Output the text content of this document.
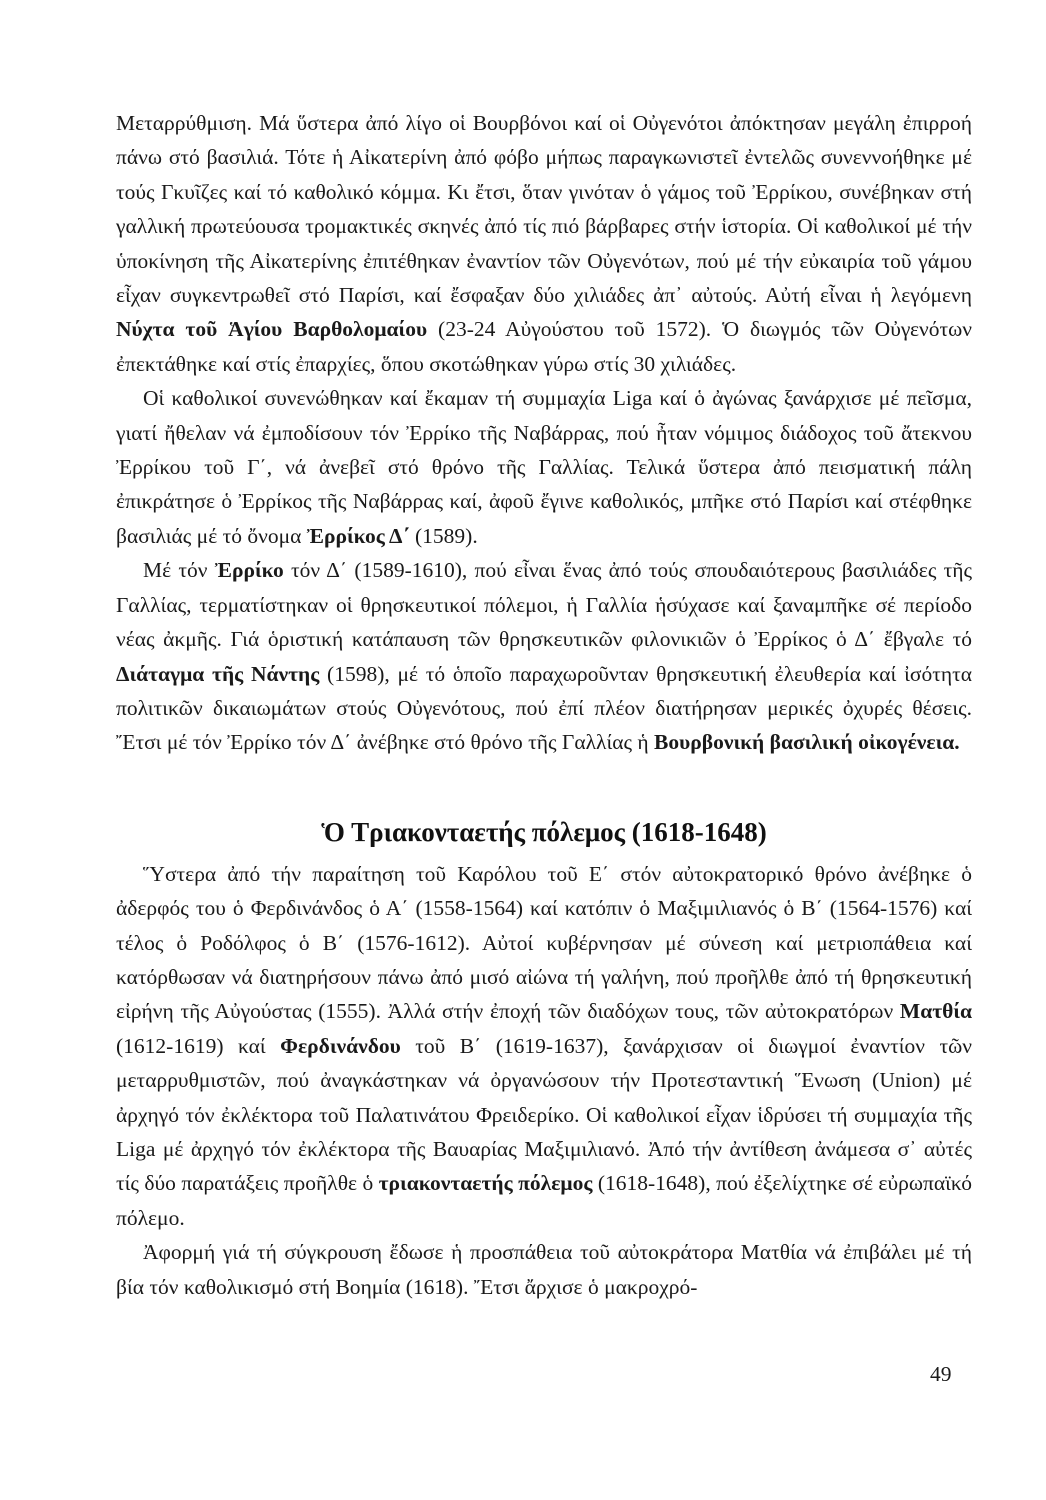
Μεταρρύθμιση. Μά ὕστερα ἀπό λίγο οἱ Βουρβόνοι καί οἱ Οὐγενότοι ἀπόκτησαν μεγάλη ἐπιρροή πάνω στό βασιλιά. Τότε ἡ Αἰκατερίνη ἀπό φόβο μήπως παραγκωνιστεῖ ἐντελῶς συνεννοήθηκε μέ τούς Γκυῖζες καί τό καθολικό κόμμα. Κι ἔτσι, ὅταν γινόταν ὁ γάμος τοῦ Ἐρρίκου, συνέβηκαν στή γαλλική πρωτεύουσα τρομακτικές σκηνές ἀπό τίς πιό βάρβαρες στήν ἱστορία. Οἱ καθολικοί μέ τήν ὑποκίνηση τῆς Αἰκατερίνης ἐπιτέθηκαν ἐναντίον τῶν Οὐγενότων, πού μέ τήν εὐκαιρία τοῦ γάμου εἶχαν συγκεντρωθεῖ στό Παρίσι, καί ἔσφαξαν δύο χιλιάδες ἀπ᾿ αὐτούς. Αὐτή εἶναι ἡ λεγόμενη Νύχτα τοῦ Ἁγίου Βαρθολομαίου (23-24 Αὐγούστου τοῦ 1572). Ὁ διωγμός τῶν Οὐγενότων ἐπεκτάθηκε καί στίς ἐπαρχίες, ὅπου σκοτώθηκαν γύρω στίς 30 χιλιάδες.

Οἱ καθολικοί συνενώθηκαν καί ἔκαμαν τή συμμαχία Liga καί ὁ ἀγώνας ξανάρχισε μέ πεῖσμα, γιατί ἤθελαν νά ἐμποδίσουν τόν Ἐρρίκο τῆς Ναβάρρας, πού ἦταν νόμιμος διάδοχος τοῦ ἄτεκνου Ἐρρίκου τοῦ Γ΄, νά ἀνεβεῖ στό θρόνο τῆς Γαλλίας. Τελικά ὕστερα ἀπό πεισματική πάλη ἐπικράτησε ὁ Ἐρρίκος τῆς Ναβάρρας καί, ἀφοῦ ἔγινε καθολικός, μπῆκε στό Παρίσι καί στέφθηκε βασιλιάς μέ τό ὄνομα Ἐρρίκος Δ΄ (1589).

Μέ τόν Ἐρρίκο τόν Δ΄ (1589-1610), πού εἶναι ἕνας ἀπό τούς σπουδαιότερους βασιλιάδες τῆς Γαλλίας, τερματίστηκαν οἱ θρησκευτικοί πόλεμοι, ἡ Γαλλία ἡσύχασε καί ξαναμπῆκε σέ περίοδο νέας ἀκμῆς. Γιά ὁριστική κατάπαυση τῶν θρησκευτικῶν φιλονικιῶν ὁ Ἐρρίκος ὁ Δ΄ ἔβγαλε τό Διάταγμα τῆς Νάντης (1598), μέ τό ὁποῖο παραχωροῦνταν θρησκευτική ἐλευθερία καί ἰσότητα πολιτικῶν δικαιωμάτων στούς Οὐγενότους, πού ἐπί πλέον διατήρησαν μερικές ὀχυρές θέσεις. Ἔτσι μέ τόν Ἐρρίκο τόν Δ΄ ἀνέβηκε στό θρόνο τῆς Γαλλίας ἡ Βουρβονική βασιλική οἰκογένεια.

Ὁ Τριακονταετής πόλεμος (1618-1648)

Ὕστερα ἀπό τήν παραίτηση τοῦ Καρόλου τοῦ Ε΄ στόν αὐτοκρατορικό θρόνο ἀνέβηκε ὁ ἀδερφός του ὁ Φερδινάνδος ὁ Α΄ (1558-1564) καί κατόπιν ὁ Μαξιμιλιανός ὁ Β΄ (1564-1576) καί τέλος ὁ Ροδόλφος ὁ Β΄ (1576-1612). Αὐτοί κυβέρνησαν μέ σύνεση καί μετριοπάθεια καί κατόρθωσαν νά διατηρήσουν πάνω ἀπό μισό αἰώνα τή γαλήνη, πού προῆλθε ἀπό τή θρησκευτική εἰρήνη τῆς Αὐγούστας (1555). Ἀλλά στήν ἐποχή τῶν διαδόχων τους, τῶν αὐτοκρατόρων Ματθία (1612-1619) καί Φερδινάνδου τοῦ Β΄ (1619-1637), ξανάρχισαν οἱ διωγμοί ἐναντίον τῶν μεταρρυθμιστῶν, πού ἀναγκάστηκαν νά ὀργανώσουν τήν Προτεσταντική Ἕνωση (Union) μέ ἀρχηγό τόν ἐκλέκτορα τοῦ Παλατινάτου Φρειδερίκο. Οἱ καθολικοί εἶχαν ἱδρύσει τή συμμαχία τῆς Liga μέ ἀρχηγό τόν ἐκλέκτορα τῆς Βαυαρίας Μαξιμιλιανό. Ἀπό τήν ἀντίθεση ἀνάμεσα σ᾿ αὐτές τίς δύο παρατάξεις προῆλθε ὁ τριακονταετής πόλεμος (1618-1648), πού ἐξελίχτηκε σέ εὐρωπαϊκό πόλεμο.

Ἀφορμή γιά τή σύγκρουση ἔδωσε ἡ προσπάθεια τοῦ αὐτοκράτορα Ματθία νά ἐπιβάλει μέ τή βία τόν καθολικισμό στή Βοημία (1618). Ἔτσι ἄρχισε ὁ μακροχρό-

49
